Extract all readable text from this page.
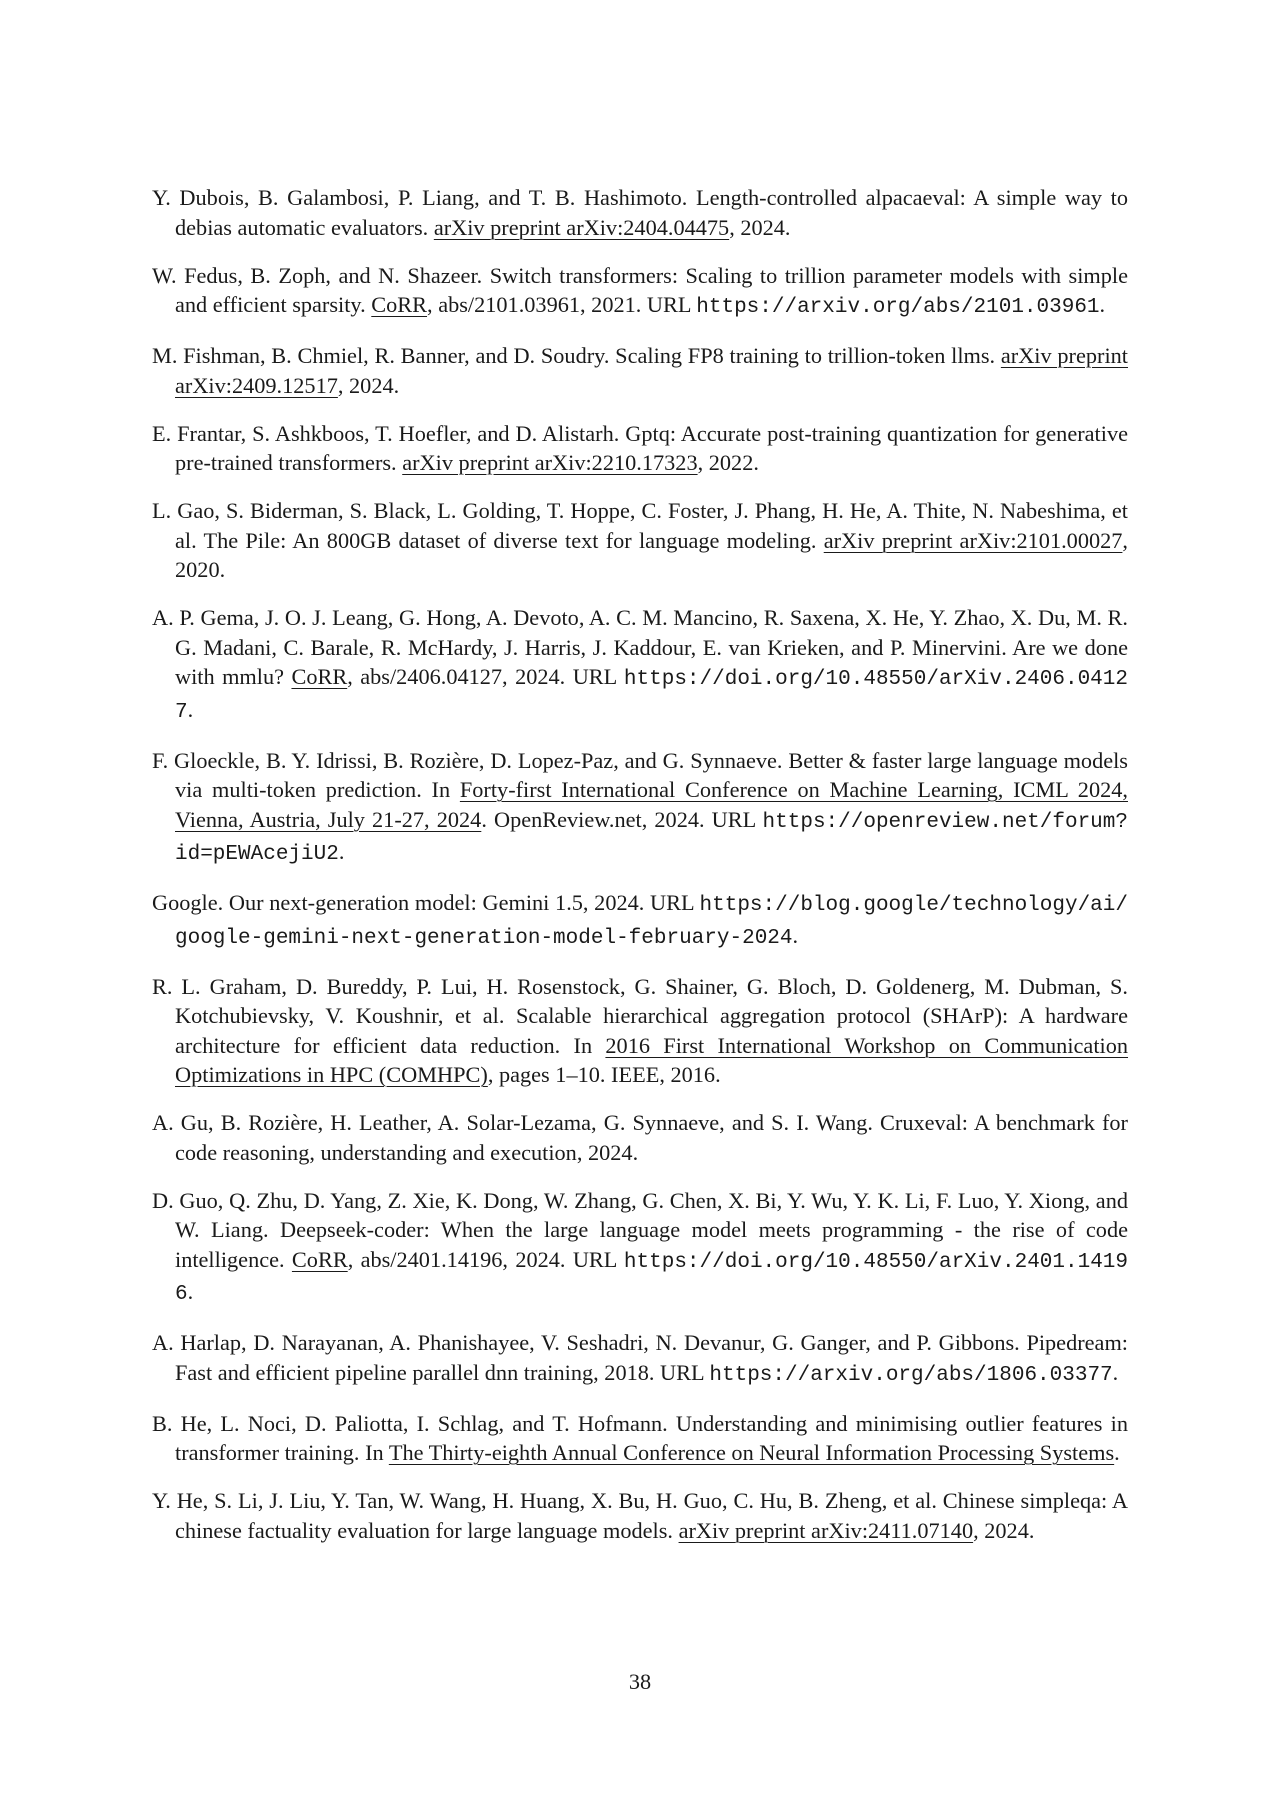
Y. Dubois, B. Galambosi, P. Liang, and T. B. Hashimoto. Length-controlled alpacaeval: A simple way to debias automatic evaluators. arXiv preprint arXiv:2404.04475, 2024.

W. Fedus, B. Zoph, and N. Shazeer. Switch transformers: Scaling to trillion parameter models with simple and efficient sparsity. CoRR, abs/2101.03961, 2021. URL https://arxiv.org/abs/2101.03961.

M. Fishman, B. Chmiel, R. Banner, and D. Soudry. Scaling FP8 training to trillion-token llms. arXiv preprint arXiv:2409.12517, 2024.

E. Frantar, S. Ashkboos, T. Hoefler, and D. Alistarh. Gptq: Accurate post-training quantization for generative pre-trained transformers. arXiv preprint arXiv:2210.17323, 2022.

L. Gao, S. Biderman, S. Black, L. Golding, T. Hoppe, C. Foster, J. Phang, H. He, A. Thite, N. Nabeshima, et al. The Pile: An 800GB dataset of diverse text for language modeling. arXiv preprint arXiv:2101.00027, 2020.

A. P. Gema, J. O. J. Leang, G. Hong, A. Devoto, A. C. M. Mancino, R. Saxena, X. He, Y. Zhao, X. Du, M. R. G. Madani, C. Barale, R. McHardy, J. Harris, J. Kaddour, E. van Krieken, and P. Minervini. Are we done with mmlu? CoRR, abs/2406.04127, 2024. URL https://doi.org/10.48550/arXiv.2406.04127.

F. Gloeckle, B. Y. Idrissi, B. Rozière, D. Lopez-Paz, and G. Synnaeve. Better & faster large language models via multi-token prediction. In Forty-first International Conference on Machine Learning, ICML 2024, Vienna, Austria, July 21-27, 2024. OpenReview.net, 2024. URL https://openreview.net/forum?id=pEWAcejiU2.

Google. Our next-generation model: Gemini 1.5, 2024. URL https://blog.google/technology/ai/google-gemini-next-generation-model-february-2024.

R. L. Graham, D. Bureddy, P. Lui, H. Rosenstock, G. Shainer, G. Bloch, D. Goldenerg, M. Dubman, S. Kotchubievsky, V. Koushnir, et al. Scalable hierarchical aggregation protocol (SHArP): A hardware architecture for efficient data reduction. In 2016 First International Workshop on Communication Optimizations in HPC (COMHPC), pages 1–10. IEEE, 2016.

A. Gu, B. Rozière, H. Leather, A. Solar-Lezama, G. Synnaeve, and S. I. Wang. Cruxeval: A benchmark for code reasoning, understanding and execution, 2024.

D. Guo, Q. Zhu, D. Yang, Z. Xie, K. Dong, W. Zhang, G. Chen, X. Bi, Y. Wu, Y. K. Li, F. Luo, Y. Xiong, and W. Liang. Deepseek-coder: When the large language model meets programming - the rise of code intelligence. CoRR, abs/2401.14196, 2024. URL https://doi.org/10.48550/arXiv.2401.14196.

A. Harlap, D. Narayanan, A. Phanishayee, V. Seshadri, N. Devanur, G. Ganger, and P. Gibbons. Pipedream: Fast and efficient pipeline parallel dnn training, 2018. URL https://arxiv.org/abs/1806.03377.

B. He, L. Noci, D. Paliotta, I. Schlag, and T. Hofmann. Understanding and minimising outlier features in transformer training. In The Thirty-eighth Annual Conference on Neural Information Processing Systems.

Y. He, S. Li, J. Liu, Y. Tan, W. Wang, H. Huang, X. Bu, H. Guo, C. Hu, B. Zheng, et al. Chinese simpleqa: A chinese factuality evaluation for large language models. arXiv preprint arXiv:2411.07140, 2024.

38
